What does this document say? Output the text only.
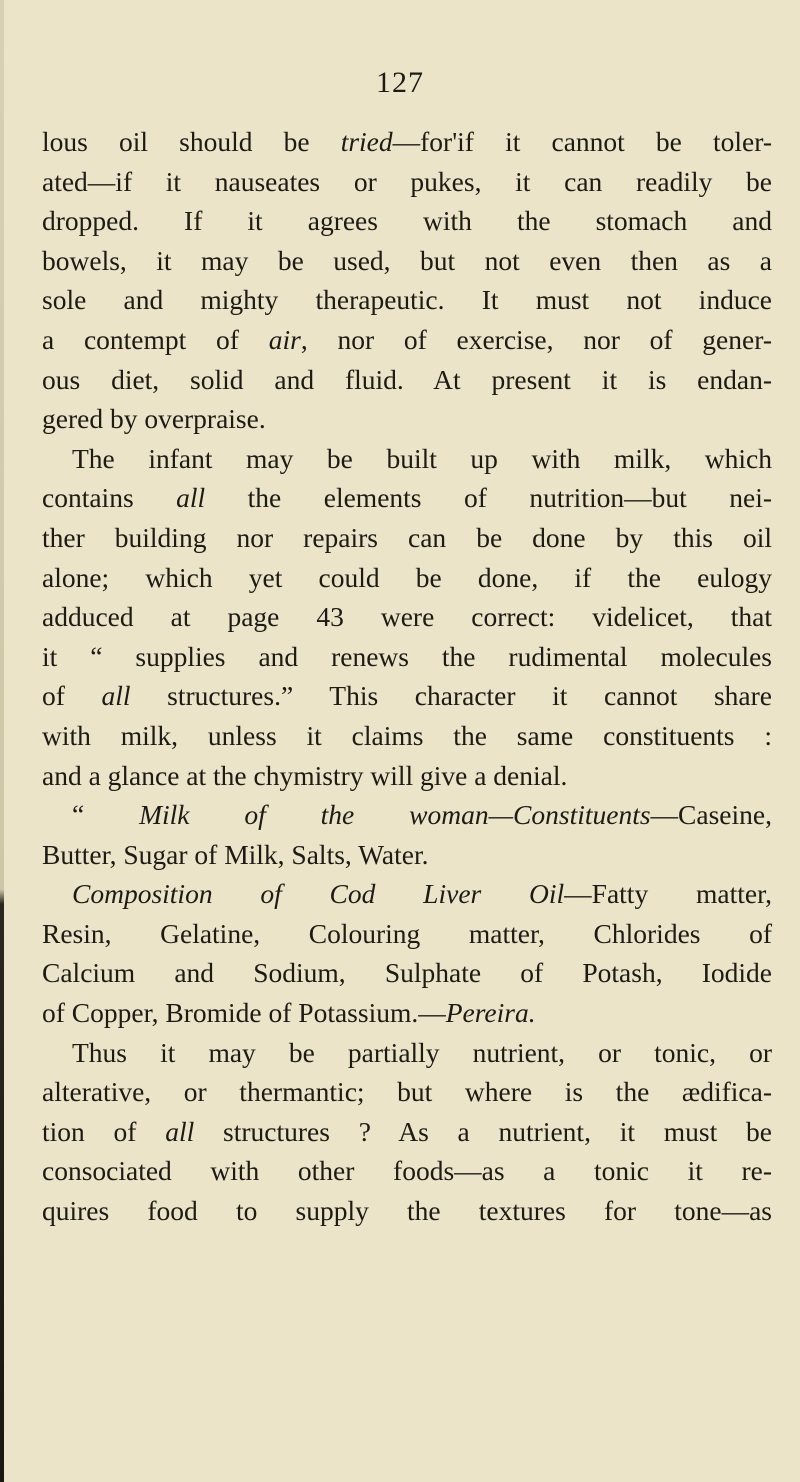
127
lous oil should be tried—for'if it cannot be toler-
ated—if it nauseates or pukes, it can readily be
dropped. If it agrees with the stomach and
bowels, it may be used, but not even then as a
sole and mighty therapeutic. It must not induce
a contempt of air, nor of exercise, nor of gener-
ous diet, solid and fluid. At present it is endan-
gered by overpraise.
The infant may be built up with milk, which
contains all the elements of nutrition—but nei-
ther building nor repairs can be done by this oil
alone; which yet could be done, if the eulogy
adduced at page 43 were correct: videlicet, that
it “ supplies and renews the rudimental molecules
of all structures.” This character it cannot share
with milk, unless it claims the same constituents :
and a glance at the chymistry will give a denial.
“ Milk of the woman—Constituents—Caseine,
Butter, Sugar of Milk, Salts, Water.
Composition of Cod Liver Oil—Fatty matter,
Resin, Gelatine, Colouring matter, Chlorides of
Calcium and Sodium, Sulphate of Potash, Iodide
of Copper, Bromide of Potassium.—Pereira.
Thus it may be partially nutrient, or tonic, or
alterative, or thermantic; but where is the ædifica-
tion of all structures ? As a nutrient, it must be
consociated with other foods—as a tonic it re-
quires food to supply the textures for tone—as
